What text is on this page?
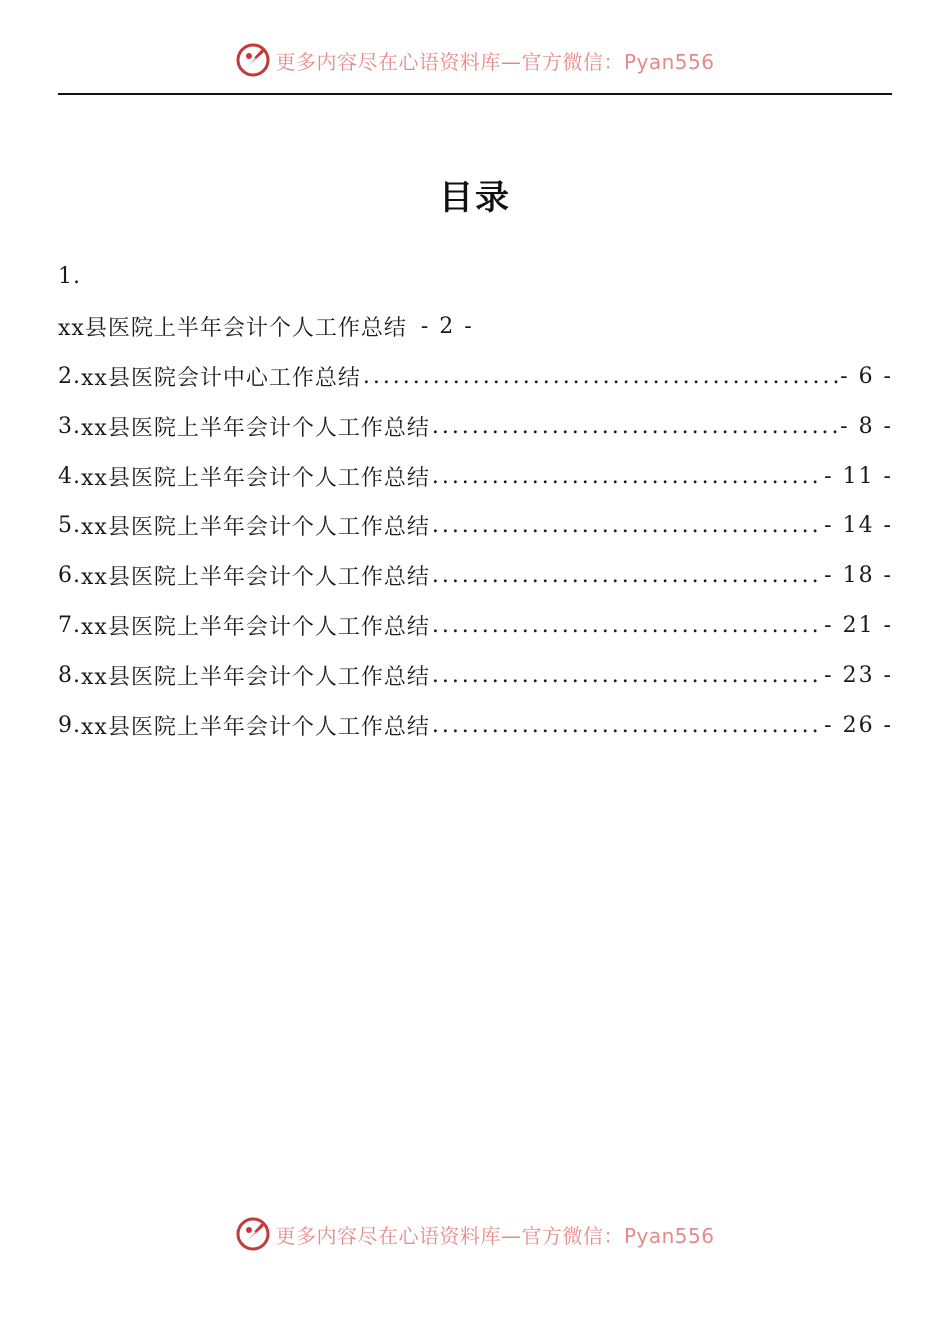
更多内容尽在心语资料库—官方微信：Pyan556
目录
1.
xx县医院上半年会计个人工作总结 - 2 -
2. xx县医院会计中心工作总结 .....	- 6 -
3. xx县医院上半年会计个人工作总结 .....	- 8 -
4. xx县医院上半年会计个人工作总结 .....	- 11 -
5. xx县医院上半年会计个人工作总结 .....	- 14 -
6. xx县医院上半年会计个人工作总结 .....	- 18 -
7. xx县医院上半年会计个人工作总结 .....	- 21 -
8. xx县医院上半年会计个人工作总结 .....	- 23 -
9. xx县医院上半年会计个人工作总结 .....	- 26 -
更多内容尽在心语资料库—官方微信：Pyan556
